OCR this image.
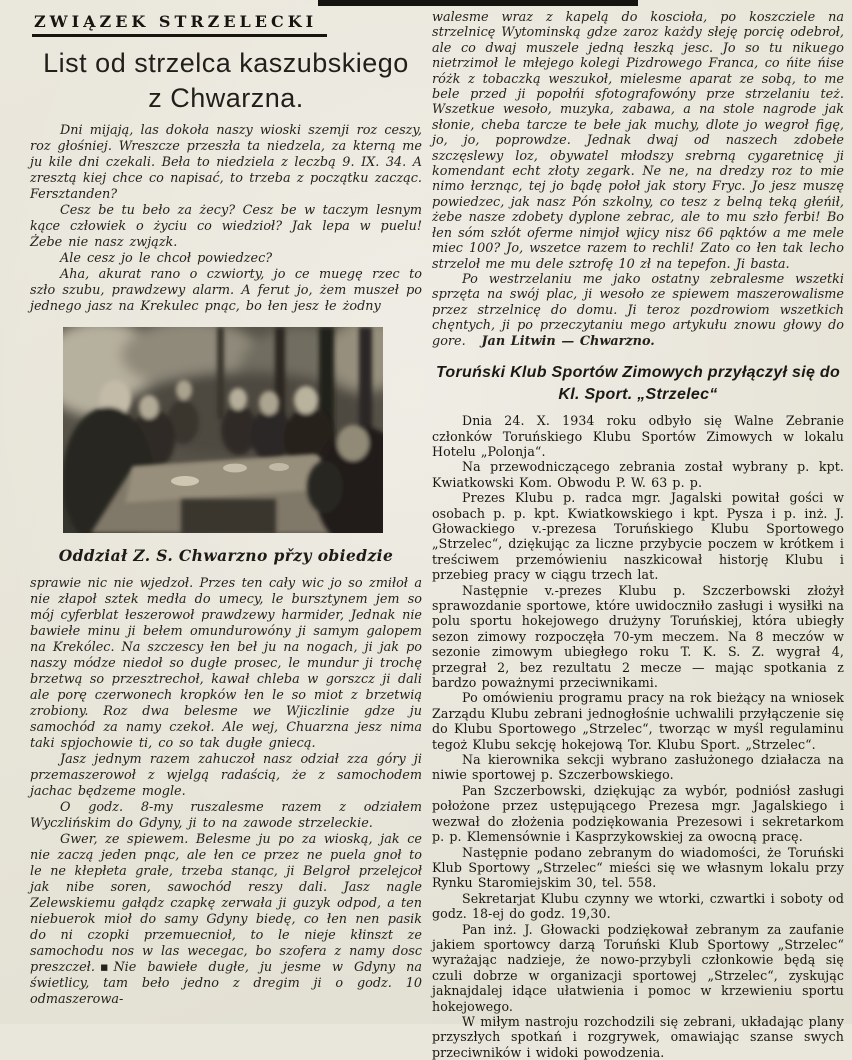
ZWIĄZEK STRZELECKI
List od strzelca kaszubskiego
z Chwarzna.

Dni mijają, las dokoła naszy wioski szemji roz ceszy, roz głośniej. Wreszcze przeszła ta niedzela, za kterną me ju kile dni czekali. Beła to niedziela z leczbą 9. IX. 34. A zresztą kiej chce co napisać, to trzeba z początku zacząc. Fersztanden?

Cesz be tu beło za żecy? Cesz be w taczym lesnym kące człowiek o życiu co wiedzioł? Jak lepa w puelu! Żebe nie nasz zwjązk.

Ale cesz jo le chcoł powiedzec?

Aha, akurat rano o czwiorty, jo ce muegę rzec to szło szubu, prawdzewy alarm. A ferut jo, żem muszeł po jednego jasz na Krekulec pnąc, bo łen jesz łe żodny

Oddział Z. S. Chwarzno přzy obiedzie

sprawie nic nie wjedzoł. Przes ten cały wic jo so zmiłoł a nie złapoł sztek medła do umecy, le bursztynem jem so mój cyferblat łeszerowoł prawdzewy harmider, Jednak nie bawiełe minu ji bełem omundurowóny ji samym galopem na Krekólec. Na szczescy łen beł ju na nogach, ji jak po naszy módze niedoł so dugłe prosec, le mundur ji trochę brzetwą so przesztrechoł, kawał chleba w gorszcz ji dali ale porę czerwonech kropków łen le so miot z brzetwią zrobiony. Roz dwa belesme we Wjiczlinie gdze ju samochód za namy czekoł. Ale wej, Chuarzna jesz nima taki spjochowie ti, co so tak dugłe gniecą.

Jasz jednym razem zahuczoł nasz odział zza góry ji przemaszerowoł z wjelgą radaścią, że z samochodem jachac będzeme mogle.

O godz. 8-my ruszalesme razem z odziałem Wyczlińskim do Gdyny, ji to na zawode strzeleckie.

Gwer, ze spiewem. Belesme ju po za wioską, jak ce nie zaczą jeden pnąc, ale łen ce przez ne puela gnoł to le ne kłepłeta grałe, trzeba stanąc, ji Belgroł przelejcoł jak nibe soren, sawochód reszy dali. Jasz nagle Zelewskiemu gałądz czapkę zerwała ji guzyk odpod, a ten niebuerok mioł do samy Gdyny biedę, co łen nen pasik do ni czopki przemuecnioł, to le nieje kłinszt ze samochodu nos w las wecegac, bo szofera z namy dosc preszczeł.▪Nie bawiełe dugłe, ju jesme w Gdyny na świetlicy, tam beło jedno z dregim ji o godz. 10 odmaszerowa-

walesme wraz z kapelą do koscioła, po koszcziele na strzelnicę Wytominską gdze zaroz każdy słeję porcię odebroł, ale co dwaj muszele jedną łeszką jesc. Jo so tu nikuego nietrzimoł le młejego kolegi Pizdrowego Franca, co ńite ńise różk z tobaczką weszukoł, mielesme aparat ze sobą, to me bele przed ji popołńi sfotografowóny prze strzelaniu też. Wszetkue wesoło, muzyka, zabawa, a na stole nagrode jak słonie, cheba tarcze te bełe jak muchy, dlote jo wegroł figę, jo, jo, poprowdze. Jednak dwaj od naszech zdobełe szczęslewy loz, obywatel młodszy srebrną cygaretnicę ji komendant echt złoty zegark. Ne ne, na dredzy roz to mie nimo łerznąc, tej jo bądę połoł jak story Fryc. Jo jesz muszę powiedzec, jak nasz Pón szkolny, co tesz z belną teką głeńił, żebe nasze zdobety dyplone zebrac, ale to mu szło ferbi! Bo łen sóm szłót oferme nimjoł wjicy nisz 66 pąktów a me mele miec 100? Jo, wszetce razem to rechli! Zato co łen tak lecho strzeloł me mu dele sztrofę 10 zł na tepefon. Ji basta.

Po westrzelaniu me jako ostatny zebralesme wszetki sprzęta na swój plac, ji wesoło ze spiewem maszerowalisme przez strzelnicę do domu. Ji teroz pozdrowiom wszetkich chęntych, ji po przeczytaniu mego artykułu znowu głowy do gore. Jan Litwin — Chwarzno.

Toruński Klub Sportów Zimowych przyłączył się do
Kl. Sport. „Strzelec“

Dnia 24. X. 1934 roku odbyło się Walne Zebranie członków Toruńskiego Klubu Sportów Zimowych w lokalu Hotelu „Polonja“.

Na przewodniczącego zebrania został wybrany p. kpt. Kwiatkowski Kom. Obwodu P. W. 63 p. p.

Prezes Klubu p. radca mgr. Jagalski powitał gości w osobach p. p. kpt. Kwiatkowskiego i kpt. Pysza i p. inż. J. Głowackiego v.-prezesa Toruńskiego Klubu Sportowego „Strzelec“, dziękując za liczne przybycie poczem w krótkem i treściwem przemówieniu naszkicował historję Klubu i przebieg pracy w ciągu trzech lat.

Następnie v.-prezes Klubu p. Szczerbowski złożył sprawozdanie sportowe, które uwidoczniło zasługi i wysiłki na polu sportu hokejowego drużyny Toruńskiej, która ubiegły sezon zimowy rozpoczęła 70-ym meczem. Na 8 meczów w sezonie zimowym ubiegłego roku T. K. S. Z. wygrał 4, przegrał 2, bez rezultatu 2 mecze — mając spotkania z bardzo poważnymi przeciwnikami.

Po omówieniu programu pracy na rok bieżący na wniosek Zarządu Klubu zebrani jednogłośnie uchwalili przyłączenie się do Klubu Sportowego „Strzelec“, tworząc w myśl regulaminu tegoż Klubu sekcję hokejową Tor. Klubu Sport. „Strzelec“.

Na kierownika sekcji wybrano zasłużonego działacza na niwie sportowej p. Szczerbowskiego.

Pan Szczerbowski, dziękując za wybór, podniósł zasługi położone przez ustępującego Prezesa mgr. Jagalskiego i wezwał do złożenia podziękowania Prezesowi i sekretarkom p. p. Klemensównie i Kasprzykowskiej za owocną pracę.

Następnie podano zebranym do wiadomości, że Toruński Klub Sportowy „Strzelec“ mieści się we własnym lokalu przy Rynku Staromiejskim 30, tel. 558.

Sekretarjat Klubu czynny we wtorki, czwartki i soboty od godz. 18-ej do godz. 19,30.

Pan inż. J. Głowacki podziękował zebranym za zaufanie jakiem sportowcy darzą Toruński Klub Sportowy „Strzelec“ wyrażając nadzieje, że nowo-przybyli członkowie będą się czuli dobrze w organizacji sportowej „Strzelec“, zyskując jaknajdalej idące ułatwienia i pomoc w krzewieniu sportu hokejowego.

W miłym nastroju rozchodzili się zebrani, układając plany przyszłych spotkań i rozgrywek, omawiając szanse swych przeciwników i widoki powodzenia.
